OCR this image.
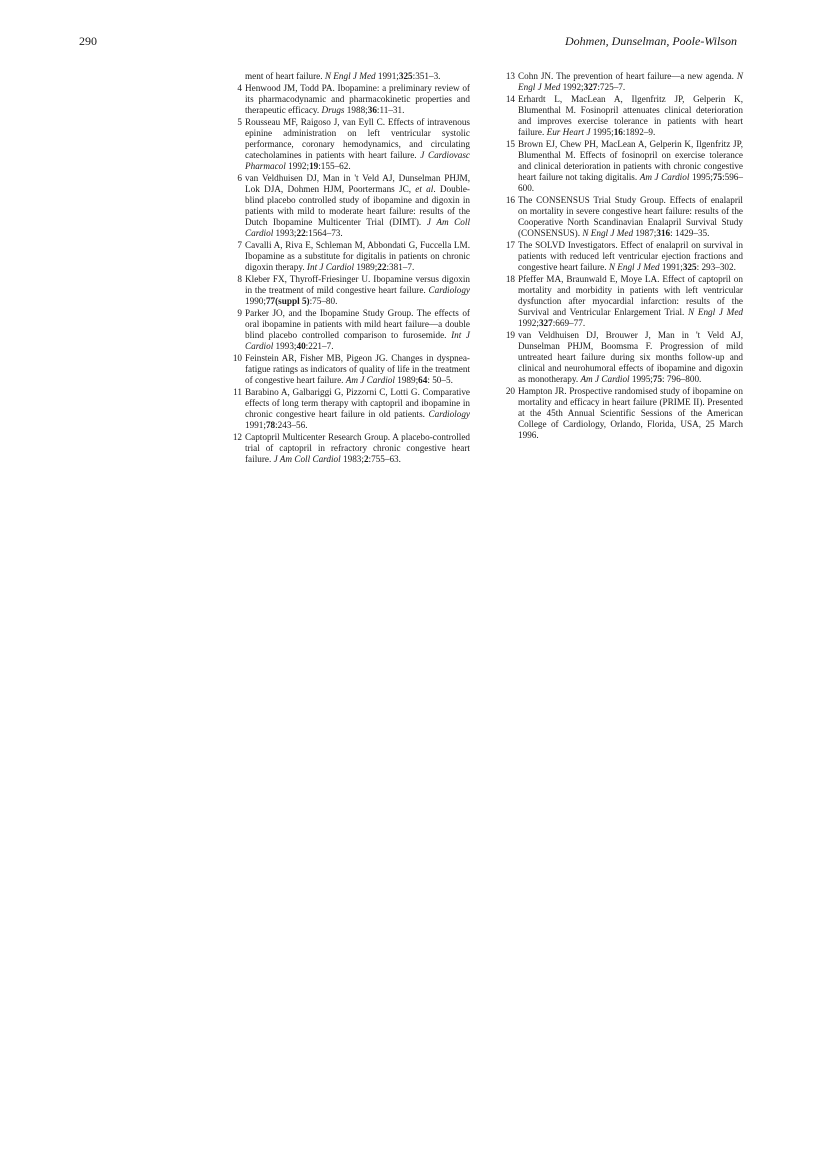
290	Dohmen, Dunselman, Poole-Wilson
ment of heart failure. N Engl J Med 1991;325:351–3.
4 Henwood JM, Todd PA. Ibopamine: a preliminary review of its pharmacodynamic and pharmacokinetic properties and therapeutic efficacy. Drugs 1988;36:11–31.
5 Rousseau MF, Raigoso J, van Eyll C. Effects of intravenous epinine administration on left ventricular systolic performance, coronary hemodynamics, and circulating catecholamines in patients with heart failure. J Cardiovasc Pharmacol 1992;19:155–62.
6 van Veldhuisen DJ, Man in 't Veld AJ, Dunselman PHJM, Lok DJA, Dohmen HJM, Poortermans JC, et al. Double-blind placebo controlled study of ibopamine and digoxin in patients with mild to moderate heart failure: results of the Dutch Ibopamine Multicenter Trial (DIMT). J Am Coll Cardiol 1993;22:1564–73.
7 Cavalli A, Riva E, Schleman M, Abbondati G, Fuccella LM. Ibopamine as a substitute for digitalis in patients on chronic digoxin therapy. Int J Cardiol 1989;22:381–7.
8 Kleber FX, Thyroff-Friesinger U. Ibopamine versus digoxin in the treatment of mild congestive heart failure. Cardiology 1990;77(suppl 5):75–80.
9 Parker JO, and the Ibopamine Study Group. The effects of oral ibopamine in patients with mild heart failure—a double blind placebo controlled comparison to furosemide. Int J Cardiol 1993;40:221–7.
10 Feinstein AR, Fisher MB, Pigeon JG. Changes in dyspnea-fatigue ratings as indicators of quality of life in the treatment of congestive heart failure. Am J Cardiol 1989;64: 50–5.
11 Barabino A, Galbariggi G, Pizzorni C, Lotti G. Comparative effects of long term therapy with captopril and ibopamine in chronic congestive heart failure in old patients. Cardiology 1991;78:243–56.
12 Captopril Multicenter Research Group. A placebo-controlled trial of captopril in refractory chronic congestive heart failure. J Am Coll Cardiol 1983;2:755–63.
13 Cohn JN. The prevention of heart failure—a new agenda. N Engl J Med 1992;327:725–7.
14 Erhardt L, MacLean A, Ilgenfritz JP, Gelperin K, Blumenthal M. Fosinopril attenuates clinical deterioration and improves exercise tolerance in patients with heart failure. Eur Heart J 1995;16:1892–9.
15 Brown EJ, Chew PH, MacLean A, Gelperin K, Ilgenfritz JP, Blumenthal M. Effects of fosinopril on exercise tolerance and clinical deterioration in patients with chronic congestive heart failure not taking digitalis. Am J Cardiol 1995;75:596–600.
16 The CONSENSUS Trial Study Group. Effects of enalapril on mortality in severe congestive heart failure: results of the Cooperative North Scandinavian Enalapril Survival Study (CONSENSUS). N Engl J Med 1987;316: 1429–35.
17 The SOLVD Investigators. Effect of enalapril on survival in patients with reduced left ventricular ejection fractions and congestive heart failure. N Engl J Med 1991;325: 293–302.
18 Pfeffer MA, Braunwald E, Moye LA. Effect of captopril on mortality and morbidity in patients with left ventricular dysfunction after myocardial infarction: results of the Survival and Ventricular Enlargement Trial. N Engl J Med 1992;327:669–77.
19 van Veldhuisen DJ, Brouwer J, Man in 't Veld AJ, Dunselman PHJM, Boomsma F. Progression of mild untreated heart failure during six months follow-up and clinical and neurohumoral effects of ibopamine and digoxin as monotherapy. Am J Cardiol 1995;75: 796–800.
20 Hampton JR. Prospective randomised study of ibopamine on mortality and efficacy in heart failure (PRIME II). Presented at the 45th Annual Scientific Sessions of the American College of Cardiology, Orlando, Florida, USA, 25 March 1996.
